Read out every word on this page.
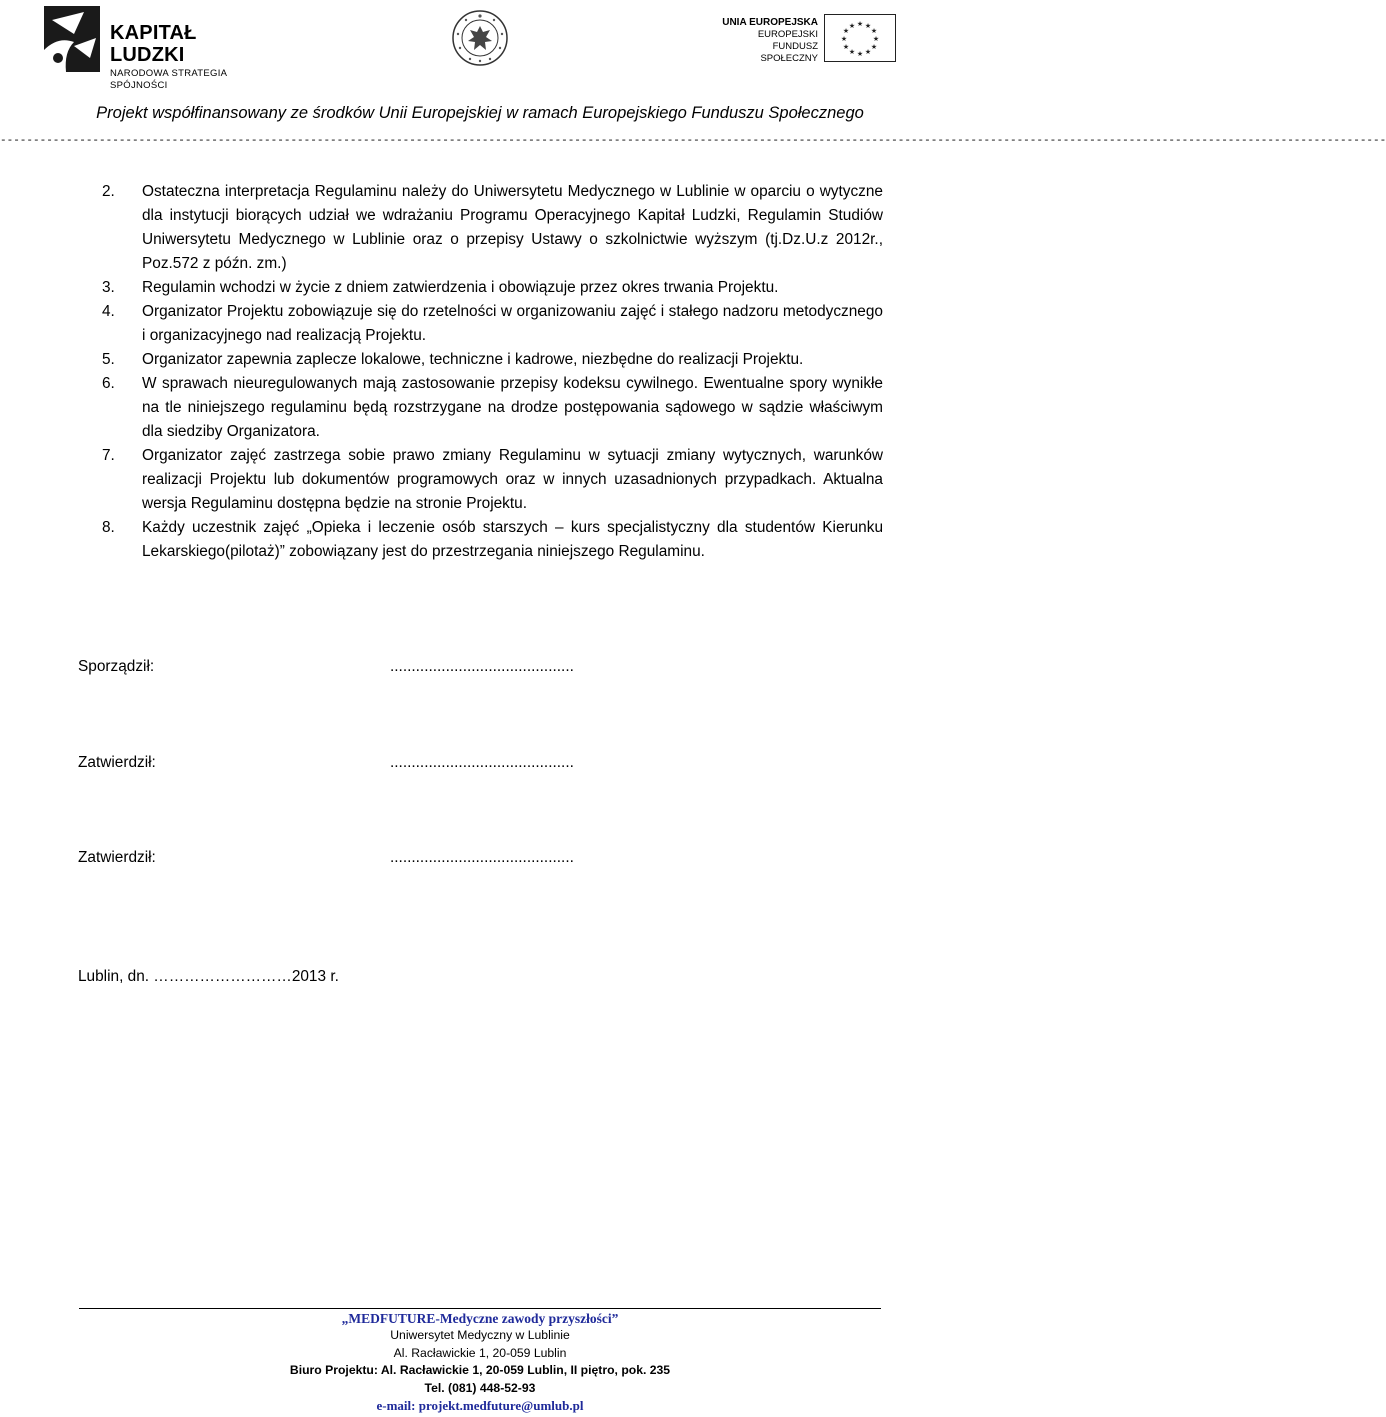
KAPITAŁ LUDZKI
NARODOWA STRATEGIA SPÓJNOŚCI
UNIA EUROPEJSKA
EUROPEJSKI
FUNDUSZ SPOŁECZNY
★ ★
★
★
★
★
★
★
★
★
★
★
Projekt współfinansowany ze środków Unii Europejskiej w ramach Europejskiego Funduszu Społecznego
------------------------------------------------------------------------------------------------------------------------------------------------------------------------------------------------------------------
2. Ostateczna interpretacja Regulaminu należy do Uniwersytetu Medycznego w Lublinie w oparciu o wytyczne dla instytucji biorących udział we wdrażaniu Programu Operacyjnego Kapitał Ludzki, Regulamin Studiów Uniwersytetu Medycznego w Lublinie oraz o przepisy Ustawy o szkolnictwie wyższym (tj.Dz.U.z 2012r., Poz.572 z późn. zm.)
3. Regulamin wchodzi w życie z dniem zatwierdzenia i obowiązuje przez okres trwania Projektu.
4. Organizator Projektu zobowiązuje się do rzetelności w organizowaniu zajęć i stałego nadzoru metodycznego i organizacyjnego nad realizacją Projektu.
5. Organizator zapewnia zaplecze lokalowe, techniczne i kadrowe, niezbędne do realizacji Projektu.
6. W sprawach nieuregulowanych mają zastosowanie przepisy kodeksu cywilnego. Ewentualne spory wynikłe na tle niniejszego regulaminu będą rozstrzygane na drodze postępowania sądowego w sądzie właściwym dla siedziby Organizatora.
7. Organizator zajęć zastrzega sobie prawo zmiany Regulaminu w sytuacji zmiany wytycznych, warunków realizacji Projektu lub dokumentów programowych oraz w innych uzasadnionych przypadkach. Aktualna wersja Regulaminu dostępna będzie na stronie Projektu.
8. Każdy uczestnik zajęć „Opieka i leczenie osób starszych – kurs specjalistyczny dla studentów Kierunku Lekarskiego(pilotaż)” zobowiązany jest do przestrzegania niniejszego Regulaminu.
Sporządził:	...........................................
Zatwierdził:	...........................................
Zatwierdził:	...........................................
Lublin, dn. ………………………2013 r.
„MEDFUTURE-Medyczne zawody przyszłości”
Uniwersytet Medyczny w Lublinie
Al. Racławickie 1, 20-059 Lublin
Biuro Projektu: Al. Racławickie 1, 20-059 Lublin, II piętro, pok. 235
Tel. (081) 448-52-93
e-mail: projekt.medfuture@umlub.pl
